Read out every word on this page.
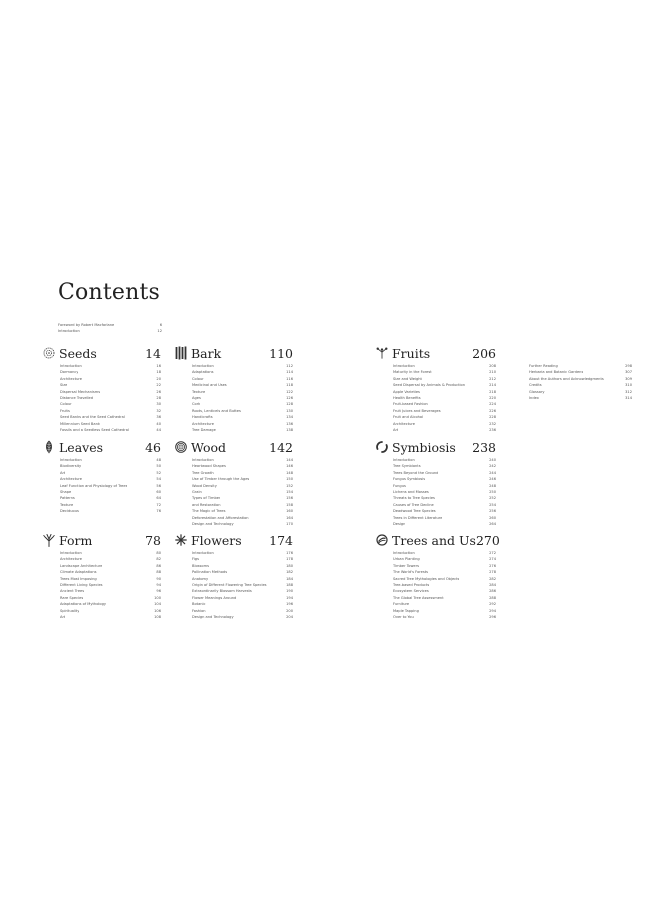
Contents
Foreword by Robert Macfarlane	6
Introduction	12
Seeds	14
Introduction	16
Dormancy	18
Architecture	20
Size	22
Dispersal Mechanisms	26
Distance Travelled	28
Colour	30
Fruits	32
Seed Banks and the Seed Cathedral	36
Millennium Seed Bank	40
Fossils and a Seedless Seed Cathedral	44
Leaves	46
Introduction	48
Biodiversity	50
Art	52
Architecture	54
Leaf Function and Physiology of Trees	56
Shape	60
Patterns	64
Texture	72
Deciduous	76
Form	78
Introduction	80
Architecture	82
Landscape Architecture	86
Climate Adaptations	88
Trees Most Imposing	90
Different Living Species	94
Ancient Trees	96
Rare Species	100
Adaptations of Mythology	104
Spirituality	106
Art	108
Bark	110
Introduction	112
Adaptations	114
Colour	116
Medicinal and Uses	118
Texture	122
Ages	126
Cork	128
Roots, Lenticels and Buttes	130
Handicrafts	134
Architecture	136
Tree Damage	138
Wood	142
Introduction	144
Heartwood Shapes	146
Tree Growth	148
Use of Timber through the Ages	150
Wood Density	152
Grain	154
Types of Timber	156
and Restoration	158
The Magic of Trees	160
Deforestation and Afforestation	164
Design and Technology	170
Flowers	174
Introduction	176
Figs	178
Blossoms	180
Pollination Methods	182
Anatomy	184
Origin of Different Flowering Tree Species	188
Extraordinarily Blossom Harvests	190
Flower Meanings Around	194
Botanic	196
Fashion	200
Design and Technology	204
Fruits	206
Introduction	208
Maturity in the Forest	210
Size and Weight	212
Seed Dispersal by Animals & Production	214
Apple Varieties	218
Health Benefits	220
Fruit-based Fashion	224
Fruit Juices and Beverages	226
Fruit and Alcohol	228
Architecture	232
Art	236
Symbiosis	238
Introduction	240
Tree Symbionts	242
Trees Beyond the Ground	244
Fungus Symbiosis	246
Fungus	248
Lichens and Mosses	250
Threats to Tree Species	252
Causes of Tree Decline	254
Deadwood Tree Species	256
Trees in Different Literature	260
Design	264
Trees and Us 270
Introduction	272
Urban Planting	274
Timber Towers	276
The World's Forests	278
Sacred Tree Mythologies and Objects	282
Tree-based Products	284
Ecosystem Services	286
The Global Tree Assessment	288
Furniture	292
Maple Tapping	294
Over to You	296
Further Reading	298
Herbaria and Botanic Gardens	307
About the Authors and Acknowledgments	309
Credits	310
Glossary	312
Index	314
